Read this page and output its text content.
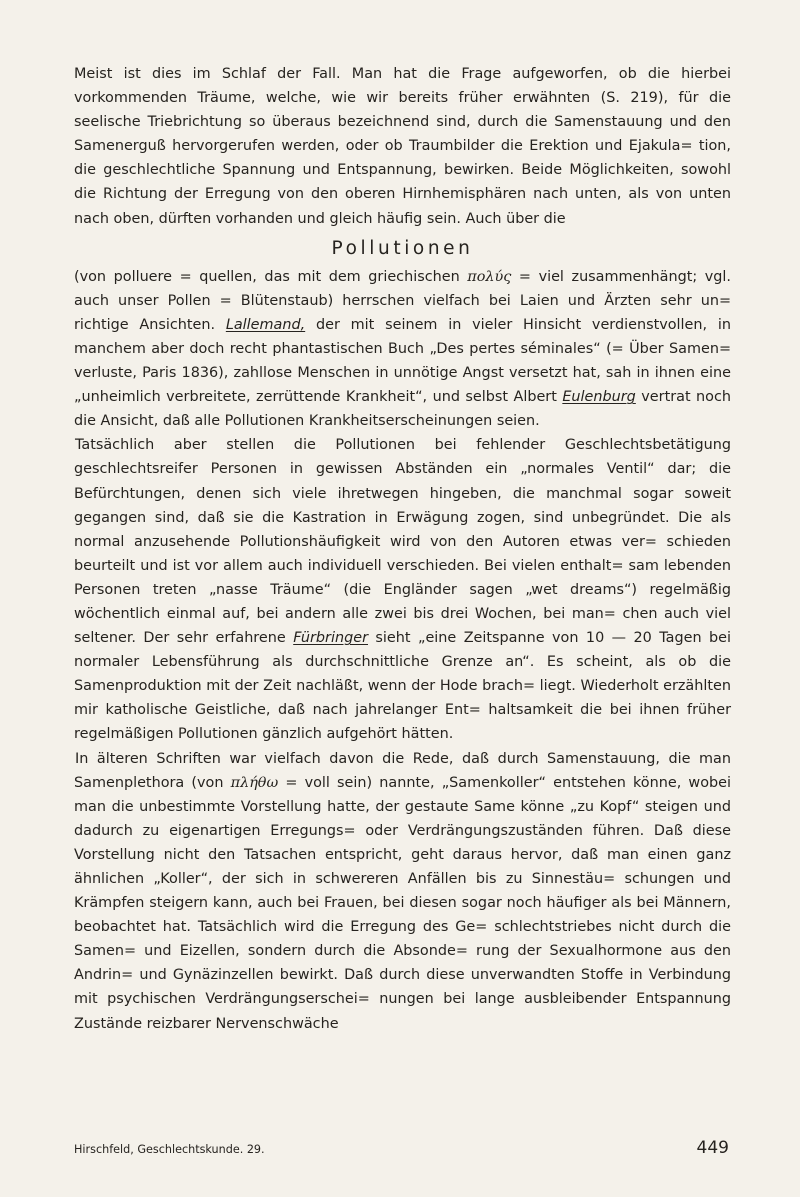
Meist ist dies im Schlaf der Fall. Man hat die Frage aufgeworfen, ob die hierbei vorkommenden Träume, welche, wie wir bereits früher erwähnten (S. 219), für die seelische Triebrichtung so überaus bezeichnend sind, durch die Samenstauung und den Samenerguß hervorgerufen werden, oder ob Traumbilder die Erektion und Ejakula= tion, die geschlechtliche Spannung und Entspannung, bewirken. Beide Möglichkeiten, sowohl die Richtung der Erregung von den oberen Hirnhemisphären nach unten, als von unten nach oben, dürften vorhanden und gleich häufig sein. Auch über die

Pollutionen

(von polluere = quellen, das mit dem griechischen πολύς = viel zusammenhängt; vgl. auch unser Pollen = Blütenstaub) herrschen vielfach bei Laien und Ärzten sehr un= richtige Ansichten. Lallemand, der mit seinem in vieler Hinsicht verdienstvollen, in manchem aber doch recht phantastischen Buch „Des pertes séminales“ (= Über Samen= verluste, Paris 1836), zahllose Menschen in unnötige Angst versetzt hat, sah in ihnen eine „unheimlich verbreitete, zerrüttende Krankheit“, und selbst Albert Eulenburg vertrat noch die Ansicht, daß alle Pollutionen Krankheitserscheinungen seien.

Tatsächlich aber stellen die Pollutionen bei fehlender Geschlechtsbetätigung geschlechtsreifer Personen in gewissen Abständen ein „normales Ventil“ dar; die Befürchtungen, denen sich viele ihretwegen hingeben, die manchmal sogar soweit gegangen sind, daß sie die Kastration in Erwägung zogen, sind unbegründet. Die als normal anzusehende Pollutionshäufigkeit wird von den Autoren etwas ver= schieden beurteilt und ist vor allem auch individuell verschieden. Bei vielen enthalt= sam lebenden Personen treten „nasse Träume“ (die Engländer sagen „wet dreams“) regelmäßig wöchentlich einmal auf, bei andern alle zwei bis drei Wochen, bei man= chen auch viel seltener. Der sehr erfahrene Fürbringer sieht „eine Zeitspanne von 10 — 20 Tagen bei normaler Lebensführung als durchschnittliche Grenze an“. Es scheint, als ob die Samenproduktion mit der Zeit nachläßt, wenn der Hode brach= liegt. Wiederholt erzählten mir katholische Geistliche, daß nach jahrelanger Ent= haltsamkeit die bei ihnen früher regelmäßigen Pollutionen gänzlich aufgehört hätten.

In älteren Schriften war vielfach davon die Rede, daß durch Samenstauung, die man Samenplethora (von πλήθω = voll sein) nannte, „Samenkoller“ entstehen könne, wobei man die unbestimmte Vorstellung hatte, der gestaute Same könne „zu Kopf“ steigen und dadurch zu eigenartigen Erregungs= oder Verdrängungszuständen führen. Daß diese Vorstellung nicht den Tatsachen entspricht, geht daraus hervor, daß man einen ganz ähnlichen „Koller“, der sich in schwereren Anfällen bis zu Sinnestäu= schungen und Krämpfen steigern kann, auch bei Frauen, bei diesen sogar noch häufiger als bei Männern, beobachtet hat. Tatsächlich wird die Erregung des Ge= schlechtstriebes nicht durch die Samen= und Eizellen, sondern durch die Absonde= rung der Sexualhormone aus den Andrin= und Gynäzinzellen bewirkt. Daß durch diese unverwandten Stoffe in Verbindung mit psychischen Verdrängungserschei= nungen bei lange ausbleibender Entspannung Zustände reizbarer Nervenschwäche

Hirschfeld, Geschlechtskunde. 29.	449
